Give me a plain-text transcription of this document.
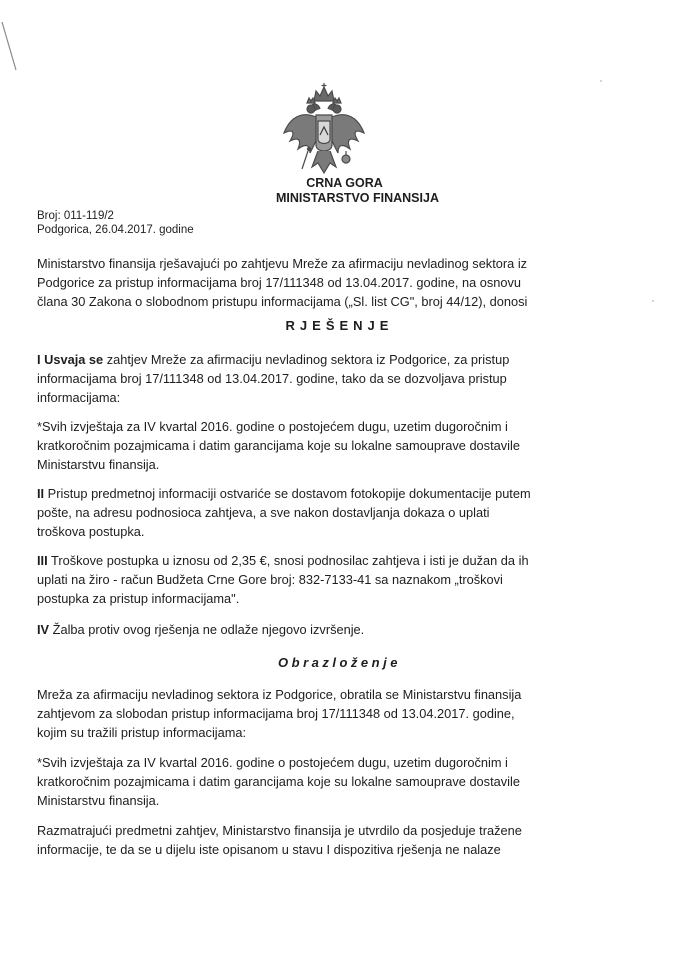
CRNA GORA
MINISTARSTVO FINANSIJA
Broj: 011-119/2
Podgorica, 26.04.2017. godine
Ministarstvo finansija rješavajući po zahtjevu Mreže za afirmaciju nevladinog sektora iz
Podgorice za pristup informacijama broj 17/111348 od 13.04.2017. godine, na osnovu
člana 30 Zakona o slobodnom pristupu informacijama („Sl. list CG", broj 44/12), donosi
RJEŠENJE
I Usvaja se zahtjev Mreže za afirmaciju nevladinog sektora iz Podgorice, za pristup
informacijama broj 17/111348 od 13.04.2017. godine, tako da se dozvoljava pristup
informacijama:
*Svih izvještaja za IV kvartal 2016. godine o postojećem dugu, uzetim dugoročnim i
kratkoročnim pozajmicama i datim garancijama koje su lokalne samouprave dostavile
Ministarstvu finansija.
II Pristup predmetnoj informaciji ostvariće se dostavom fotokopije dokumentacije putem
pošte, na adresu podnosioca zahtjeva, a sve nakon dostavljanja dokaza o uplati
troškova postupka.
III Troškove postupka u iznosu od 2,35 €, snosi podnosilac zahtjeva i isti je dužan da ih
uplati na žiro - račun Budžeta Crne Gore broj: 832-7133-41 sa naznakom „troškovi
postupka za pristup informacijama".
IV Žalba protiv ovog rješenja ne odlaže njegovo izvršenje.
Obrazloženje
Mreža za afirmaciju nevladinog sektora iz Podgorice, obratila se Ministarstvu finansija
zahtjevom za slobodan pristup informacijama broj 17/111348 od 13.04.2017. godine,
kojim su tražili pristup informacijama:
*Svih izvještaja za IV kvartal 2016. godine o postojećem dugu, uzetim dugoročnim i
kratkoročnim pozajmicama i datim garancijama koje su lokalne samouprave dostavile
Ministarstvu finansija.
Razmatrajući predmetni zahtjev, Ministarstvo finansija je utvrdilo da posjeduje tražene
informacije, te da se u dijelu iste opisanom u stavu I dispozitiva rješenja ne nalaze
